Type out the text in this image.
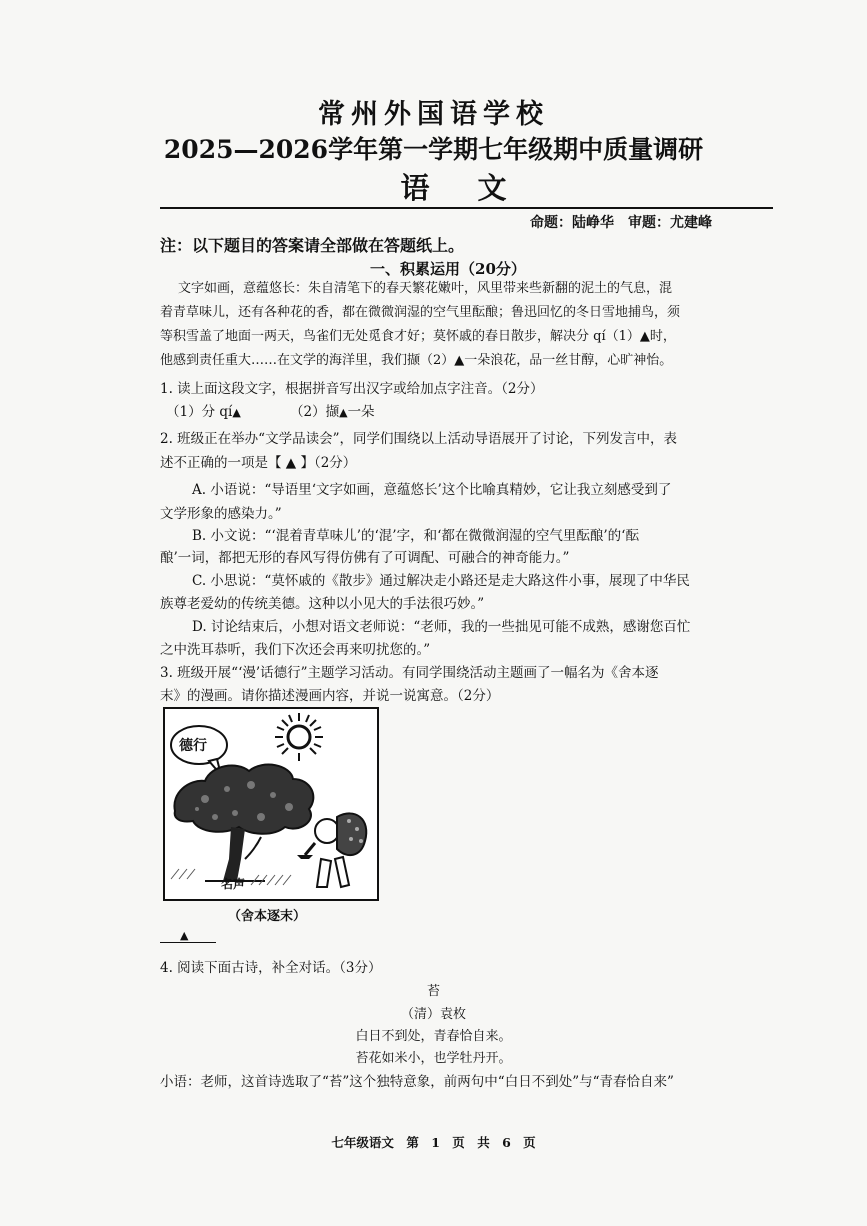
常州外国语学校
2025—2026学年第一学期七年级期中质量调研
语文
命题：陆峥华　审题：尤建峰
注：以下题目的答案请全部做在答题纸上。
一、积累运用（20分）
文字如画，意蕴悠长：朱自清笔下的春天繁花嫩叶，风里带来些新翻的泥土的气息，混
着青草味儿，还有各种花的香，都在微微润湿的空气里酝酿；鲁迅回忆的冬日雪地捕鸟，须
等积雪盖了地面一两天，鸟雀们无处觅食才好；莫怀戚的春日散步，解决分 qí（1）▲时，
他感到责任重大……在文学的海洋里，我们撷（2）▲一朵浪花，品一丝甘醇，心旷神怡。
1. 读上面这段文字，根据拼音写出汉字或给加点字注音。（2分）
（1）分 qí▲	（2）撷▲一朵
2. 班级正在举办“文学品读会”，同学们围绕以上活动导语展开了讨论，下列发言中，表
述不正确的一项是【 ▲ 】（2分）
A. 小语说：“导语里‘文字如画，意蕴悠长’这个比喻真精妙，它让我立刻感受到了
文学形象的感染力。”
B. 小文说：“‘混着青草味儿’的‘混’字，和‘都在微微润湿的空气里酝酿’的‘酝
酿’一词，都把无形的春风写得仿佛有了可调配、可融合的神奇能力。”
C. 小思说：“莫怀戚的《散步》通过解决走小路还是走大路这件小事，展现了中华民
族尊老爱幼的传统美德。这种以小见大的手法很巧妙。”
D. 讨论结束后，小想对语文老师说：“老师，我的一些拙见可能不成熟，感谢您百忙
之中洗耳恭听，我们下次还会再来叨扰您的。”
3. 班级开展“‘漫’话德行”主题学习活动。有同学围绕活动主题画了一幅名为《舍本逐
末》的漫画。请你描述漫画内容，并说一说寓意。（2分）
德行
名声
（舍本逐末）
▲
4. 阅读下面古诗，补全对话。（3分）
苔
（清）袁枚
白日不到处，青春恰自来。
苔花如米小，也学牡丹开。
小语：老师，这首诗选取了“苔”这个独特意象，前两句中“白日不到处”与“青春恰自来”
七年级语文　第 1 页　共 6 页
